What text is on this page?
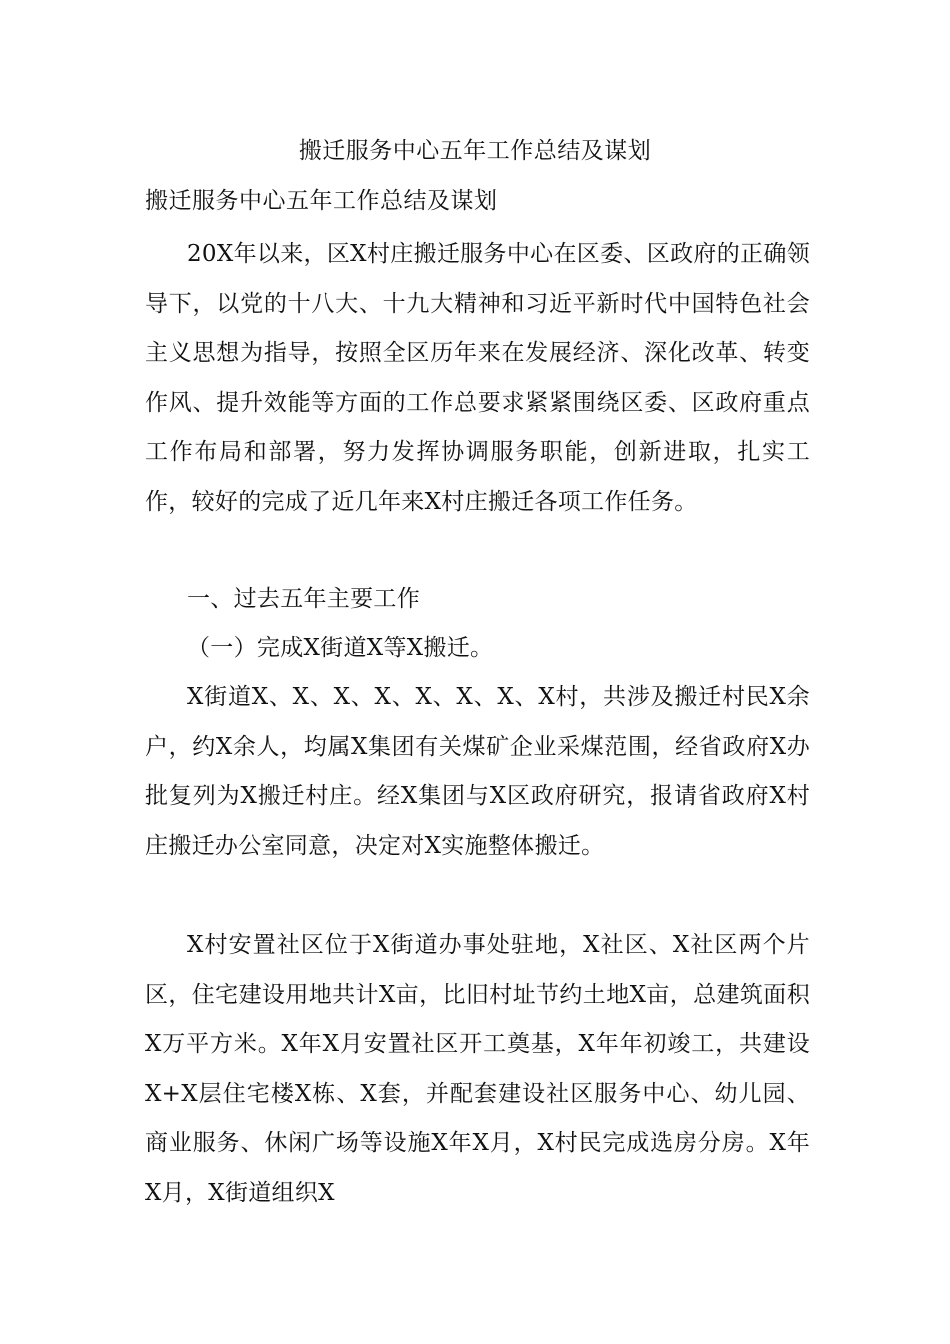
搬迁服务中心五年工作总结及谋划

搬迁服务中心五年工作总结及谋划

20X年以来，区X村庄搬迁服务中心在区委、区政府的正确领导下，以党的十八大、十九大精神和习近平新时代中国特色社会主义思想为指导，按照全区历年来在发展经济、深化改革、转变作风、提升效能等方面的工作总要求紧紧围绕区委、区政府重点工作布局和部署，努力发挥协调服务职能，创新进取，扎实工作，较好的完成了近几年来X村庄搬迁各项工作任务。

一、过去五年主要工作

（一）完成X街道X等X搬迁。

X街道X、X、X、X、X、X、X、X村，共涉及搬迁村民X余户，约X余人，均属X集团有关煤矿企业采煤范围，经省政府X办批复列为X搬迁村庄。经X集团与X区政府研究，报请省政府X村庄搬迁办公室同意，决定对X实施整体搬迁。

X村安置社区位于X街道办事处驻地，X社区、X社区两个片区，住宅建设用地共计X亩，比旧村址节约土地X亩，总建筑面积X万平方米。X年X月安置社区开工奠基，X年年初竣工，共建设X+X层住宅楼X栋、X套，并配套建设社区服务中心、幼儿园、商业服务、休闲广场等设施X年X月，X村民完成选房分房。X年X月，X街道组织X
